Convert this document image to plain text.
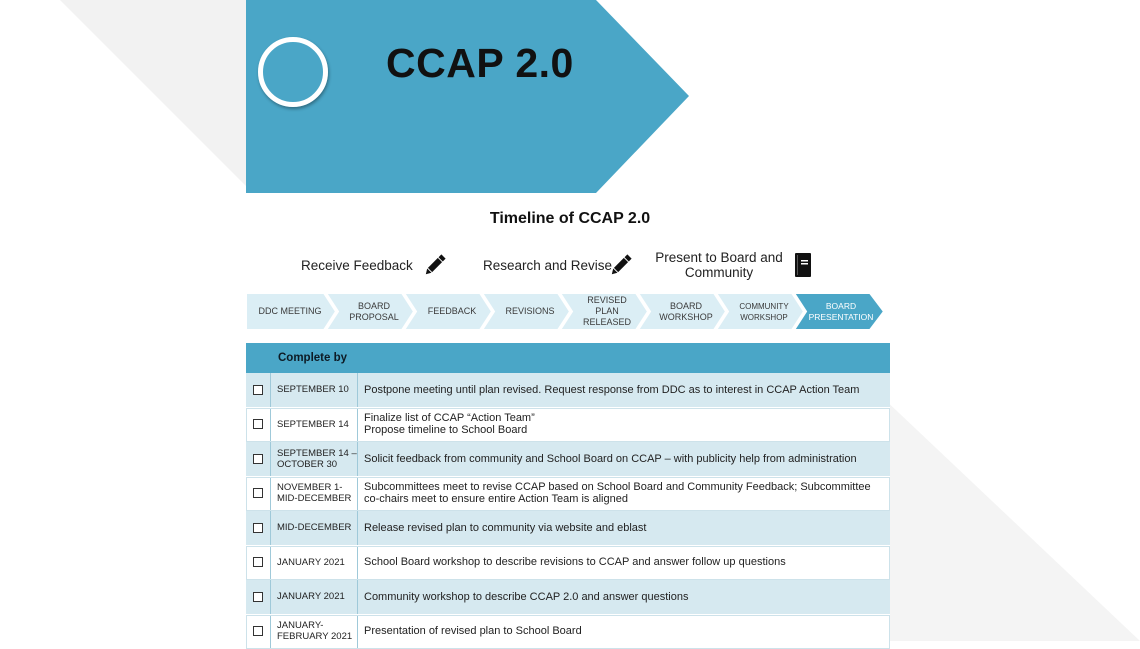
CCAP 2.0
Timeline of CCAP 2.0
Receive Feedback	Research and Revise
Present to Board and
Community
DDC MEETING
BOARD
PROPOSAL
FEEDBACK	REVISIONS
REVISED
PLAN
RELEASED
BOARD
WORKSHOP
COMMUNITY
WORKSHOP
BOARD
PRESENTATION
Complete by
SEPTEMBER 10 Postpone meeting until plan revised. Request response from DDC as to interest in CCAP Action Team
SEPTEMBER 14
Finalize list of CCAP “Action Team”
Propose timeline to School Board
SEPTEMBER 14 –
OCTOBER 30	Solicit feedback from community and School Board on CCAP – with publicity help from administration
NOVEMBER 1-
MID-DECEMBER
Subcommittees meet to revise CCAP based on School Board and Community Feedback; Subcommittee
co-chairs meet to ensure entire Action Team is aligned
MID-DECEMBER Release revised plan to community via website and eblast
JANUARY 2021 School Board workshop to describe revisions to CCAP and answer follow up questions
JANUARY 2021 Community workshop to describe CCAP 2.0 and answer questions
JANUARY-
FEBRUARY 2021 Presentation of revised plan to School Board
